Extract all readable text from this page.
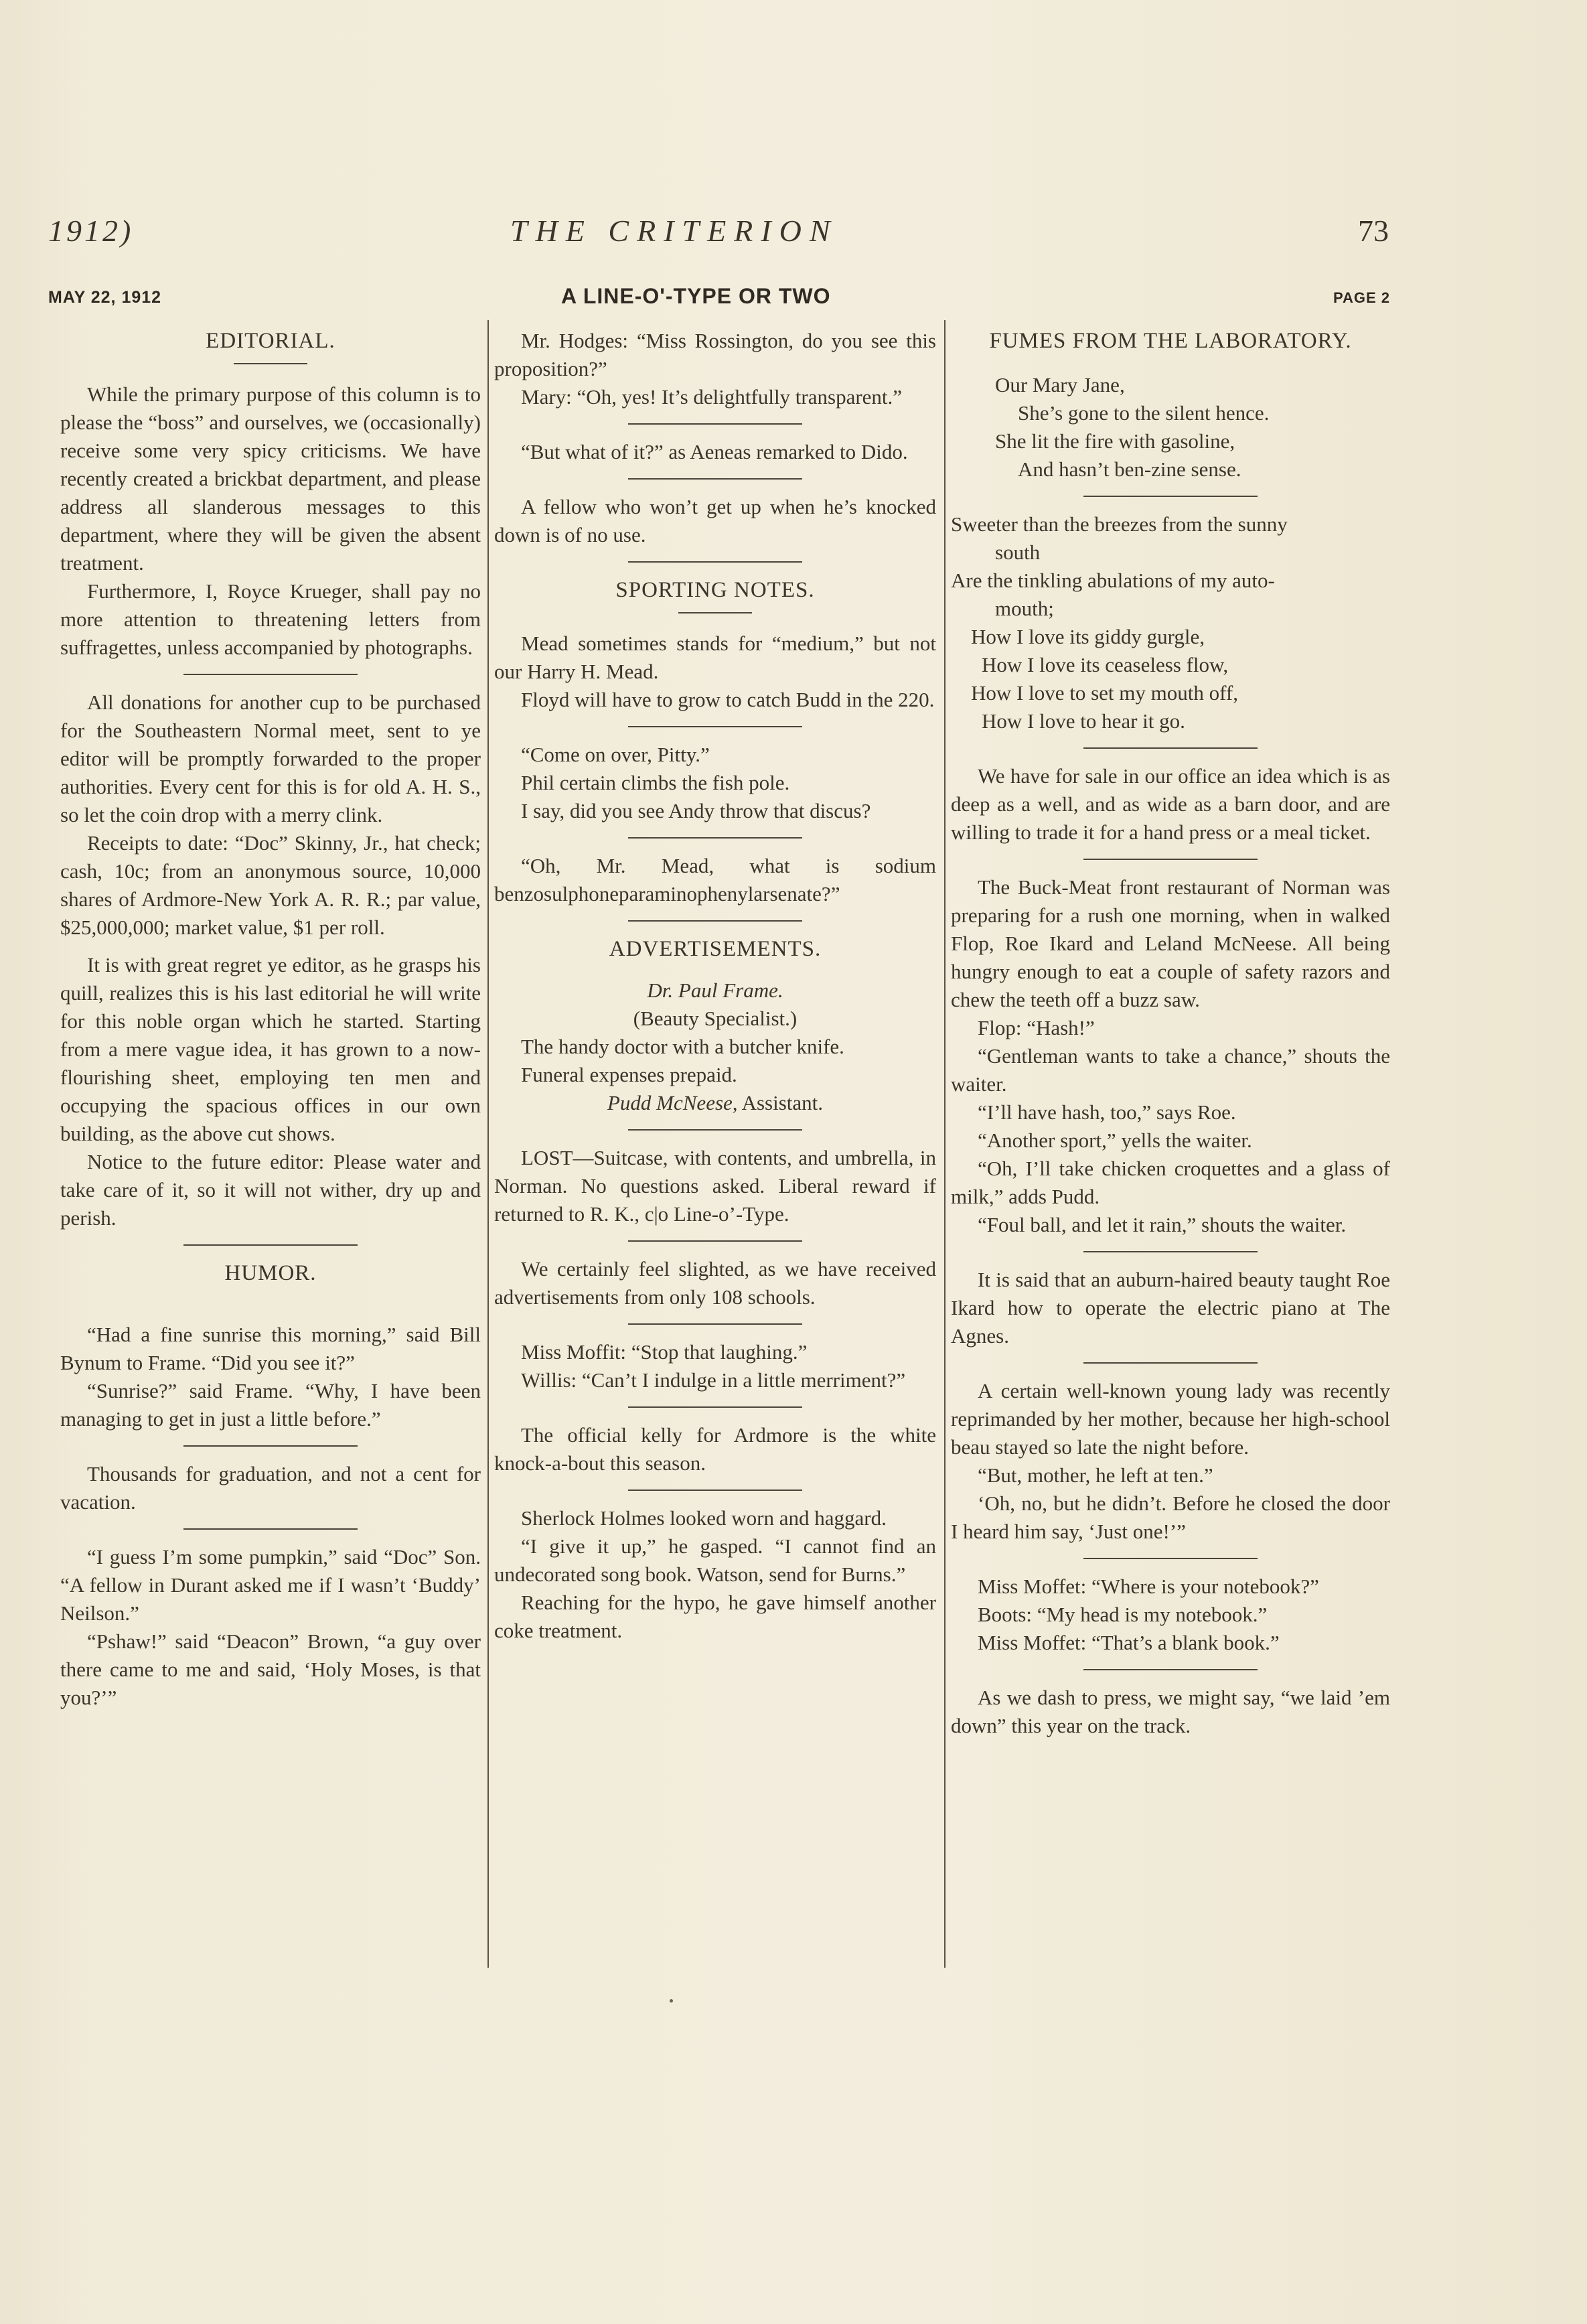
1912)	THE CRITERION	73
MAY 22, 1912	A LINE-O'-TYPE OR TWO	PAGE 2

EDITORIAL.

While the primary purpose of this column is to please the “boss” and ourselves, we (occasionally) receive some very spicy criticisms. We have recently created a brickbat department, and please address all slanderous messages to this department, where they will be given the absent treatment.

Furthermore, I, Royce Krueger, shall pay no more attention to threatening letters from suffragettes, unless accompanied by photographs.

All donations for another cup to be purchased for the Southeastern Normal meet, sent to ye editor will be promptly forwarded to the proper authorities. Every cent for this is for old A. H. S., so let the coin drop with a merry clink.

Receipts to date: “Doc” Skinny, Jr., hat check; cash, 10c; from an anonymous source, 10,000 shares of Ardmore-New York A. R. R.; par value, $25,000,000; market value, $1 per roll.

It is with great regret ye editor, as he grasps his quill, realizes this is his last editorial he will write for this noble organ which he started. Starting from a mere vague idea, it has grown to a now-flourishing sheet, employing ten men and occupying the spacious offices in our own building, as the above cut shows.

Notice to the future editor: Please water and take care of it, so it will not wither, dry up and perish.

HUMOR.

“Had a fine sunrise this morning,” said Bill Bynum to Frame. “Did you see it?”

“Sunrise?” said Frame. “Why, I have been managing to get in just a little before.”

Thousands for graduation, and not a cent for vacation.

“I guess I’m some pumpkin,” said “Doc” Son. “A fellow in Durant asked me if I wasn’t ‘Buddy’ Neilson.”

“Pshaw!” said “Deacon” Brown, “a guy over there came to me and said, ‘Holy Moses, is that you?’”

Mr. Hodges: “Miss Rossington, do you see this proposition?”

Mary: “Oh, yes! It’s delightfully transparent.”

“But what of it?” as Aeneas remarked to Dido.

A fellow who won’t get up when he’s knocked down is of no use.

SPORTING NOTES.

Mead sometimes stands for “medium,” but not our Harry H. Mead.

Floyd will have to grow to catch Budd in the 220.

“Come on over, Pitty.”

Phil certain climbs the fish pole.

I say, did you see Andy throw that discus?

“Oh, Mr. Mead, what is sodium benzosulphoneparaminophenylarsenate?”

ADVERTISEMENTS.

Dr. Paul Frame.

(Beauty Specialist.)

The handy doctor with a butcher knife.

Funeral expenses prepaid.

Pudd McNeese, Assistant.

LOST—Suitcase, with contents, and umbrella, in Norman. No questions asked. Liberal reward if returned to R. K., c|o Line-o’-Type.

We certainly feel slighted, as we have received advertisements from only 108 schools.

Miss Moffit: “Stop that laughing.”

Willis: “Can’t I indulge in a little merriment?”

The official kelly for Ardmore is the white knock-a-bout this season.

Sherlock Holmes looked worn and haggard.

“I give it up,” he gasped. “I cannot find an undecorated song book. Watson, send for Burns.”

Reaching for the hypo, he gave himself another coke treatment.

FUMES FROM THE LABORATORY.

Our Mary Jane,

She’s gone to the silent hence.

She lit the fire with gasoline,

And hasn’t ben-zine sense.

Sweeter than the breezes from the sunny

south

Are the tinkling abulations of my auto-

mouth;

How I love its giddy gurgle,

How I love its ceaseless flow,

How I love to set my mouth off,

How I love to hear it go.

We have for sale in our office an idea which is as deep as a well, and as wide as a barn door, and are willing to trade it for a hand press or a meal ticket.

The Buck-Meat front restaurant of Norman was preparing for a rush one morning, when in walked Flop, Roe Ikard and Leland McNeese. All being hungry enough to eat a couple of safety razors and chew the teeth off a buzz saw.

Flop: “Hash!”

“Gentleman wants to take a chance,” shouts the waiter.

“I’ll have hash, too,” says Roe.

“Another sport,” yells the waiter.

“Oh, I’ll take chicken croquettes and a glass of milk,” adds Pudd.

“Foul ball, and let it rain,” shouts the waiter.

It is said that an auburn-haired beauty taught Roe Ikard how to operate the electric piano at The Agnes.

A certain well-known young lady was recently reprimanded by her mother, because her high-school beau stayed so late the night before.

“But, mother, he left at ten.”

‘Oh, no, but he didn’t. Before he closed the door I heard him say, ‘Just one!’”

Miss Moffet: “Where is your notebook?”

Boots: “My head is my notebook.”

Miss Moffet: “That’s a blank book.”

As we dash to press, we might say, “we laid ’em down” this year on the track.
